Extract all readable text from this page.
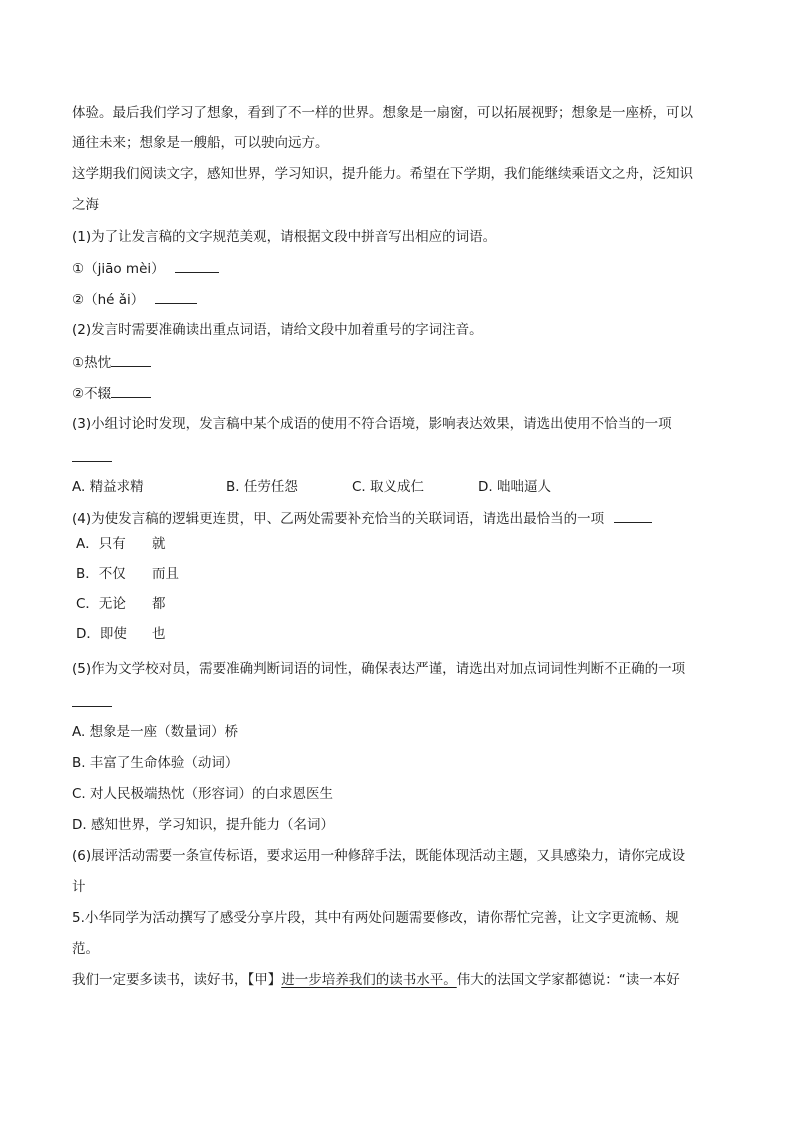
体验。最后我们学习了想象，看到了不一样的世界。想象是一扇窗，可以拓展视野；想象是一座桥，可以
通往未来；想象是一艘船，可以驶向远方。
这学期我们阅读文字，感知世界，学习知识，提升能力。希望在下学期，我们能继续乘语文之舟，泛知识
之海
(1)为了让发言稿的文字规范美观，请根据文段中拼音写出相应的词语。
①（jiāo mèi）
②（hé ǎi）
(2)发言时需要准确读出重点词语，请给文段中加着重号的字词注音。
①热忱
②不辍
(3)小组讨论时发现，发言稿中某个成语的使用不符合语境，影响表达效果，请选出使用不恰当的一项
A. 精益求精	B. 任劳任怨	C. 取义成仁	D. 咄咄逼人
(4)为使发言稿的逻辑更连贯，甲、乙两处需要补充恰当的关联词语，请选出最恰当的一项
A．只有 就
B．不仅 而且
C．无论 都
D．即使 也
(5)作为文学校对员，需要准确判断词语的词性，确保表达严谨，请选出对加点词词性判断不正确的一项
A. 想象是一座（数量词）桥
B. 丰富了生命体验（动词）
C. 对人民极端热忱（形容词）的白求恩医生
D. 感知世界，学习知识，提升能力（名词）
(6)展评活动需要一条宣传标语，要求运用一种修辞手法，既能体现活动主题，又具感染力，请你完成设
计
5.小华同学为活动撰写了感受分享片段，其中有两处问题需要修改，请你帮忙完善，让文字更流畅、规
范。
我们一定要多读书，读好书，【甲】进一步培养我们的读书水平。伟大的法国文学家都德说：“读一本好
